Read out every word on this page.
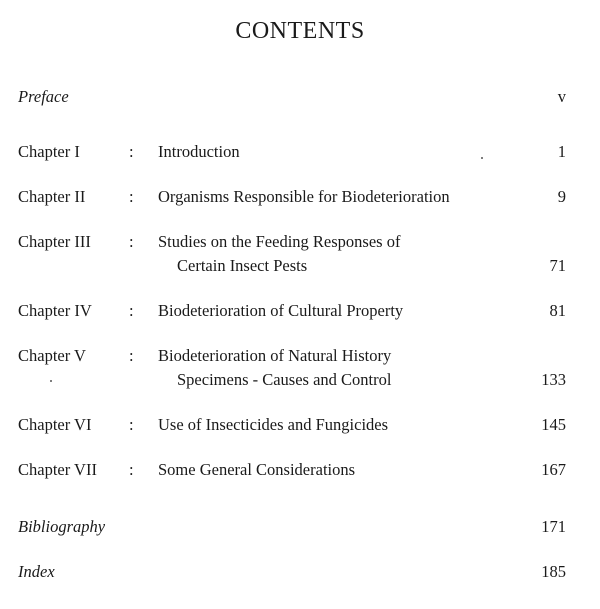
CONTENTS
Preface	v
Chapter I	: Introduction	1
Chapter II	: Organisms Responsible for Biodeterioration	9
Chapter III : Studies on the Feeding Responses of
Certain Insect Pests	71
Chapter IV : Biodeterioration of Cultural Property	81
Chapter V	: Biodeterioration of Natural History
Specimens - Causes and Control	133
Chapter VI : Use of Insecticides and Fungicides	145
Chapter VII : Some General Considerations	167
Bibliography	171
Index	185
